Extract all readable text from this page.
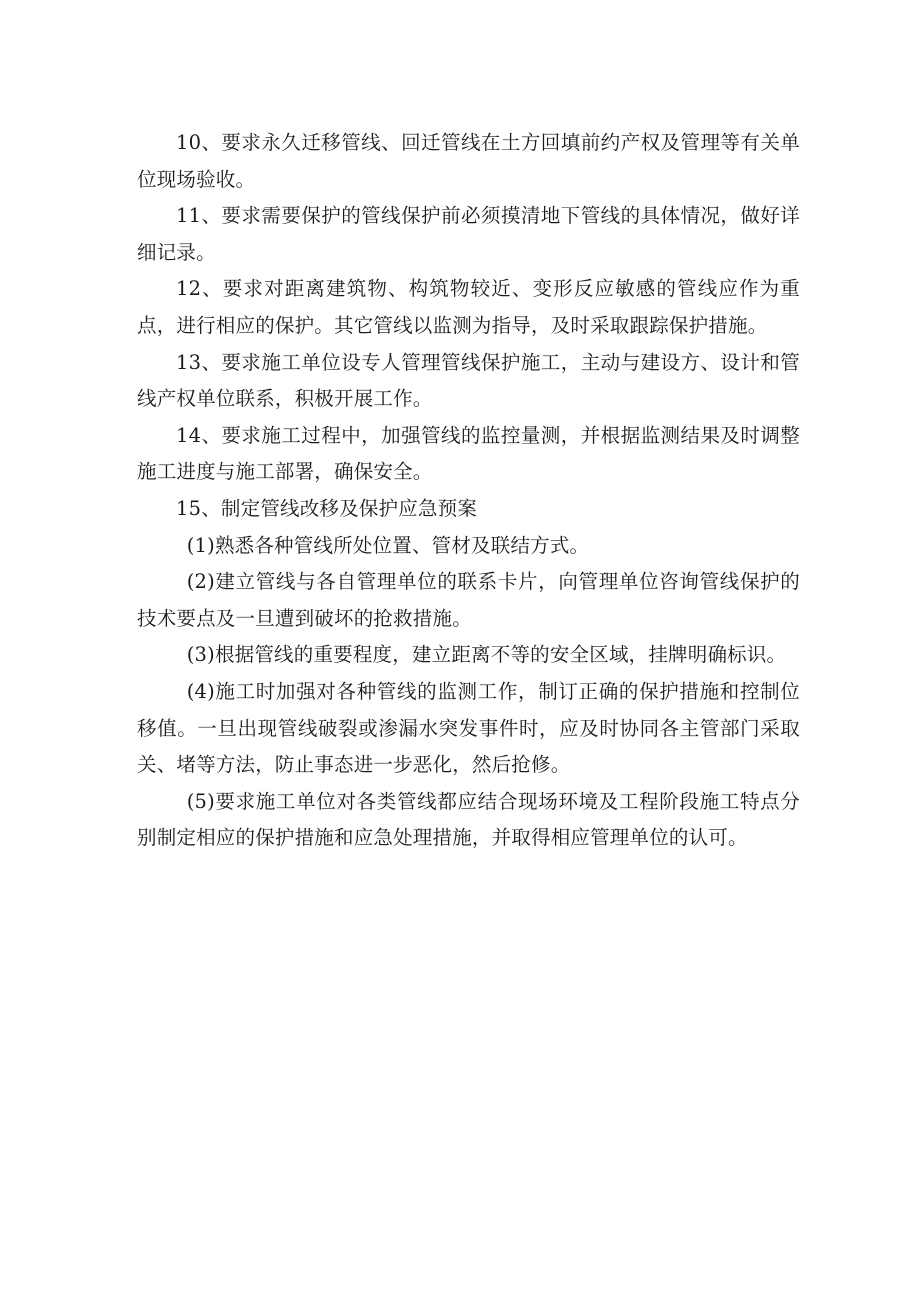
10、要求永久迁移管线、回迁管线在土方回填前约产权及管理等有关单位现场验收。

11、要求需要保护的管线保护前必须摸清地下管线的具体情况，做好详细记录。

12、要求对距离建筑物、构筑物较近、变形反应敏感的管线应作为重点，进行相应的保护。其它管线以监测为指导，及时采取跟踪保护措施。

13、要求施工单位设专人管理管线保护施工，主动与建设方、设计和管线产权单位联系，积极开展工作。

14、要求施工过程中，加强管线的监控量测，并根据监测结果及时调整施工进度与施工部署，确保安全。

15、制定管线改移及保护应急预案

(1)熟悉各种管线所处位置、管材及联结方式。

(2)建立管线与各自管理单位的联系卡片，向管理单位咨询管线保护的技术要点及一旦遭到破坏的抢救措施。

(3)根据管线的重要程度，建立距离不等的安全区域，挂牌明确标识。

(4)施工时加强对各种管线的监测工作，制订正确的保护措施和控制位移值。一旦出现管线破裂或渗漏水突发事件时，应及时协同各主管部门采取关、堵等方法，防止事态进一步恶化，然后抢修。

(5)要求施工单位对各类管线都应结合现场环境及工程阶段施工特点分别制定相应的保护措施和应急处理措施，并取得相应管理单位的认可。
